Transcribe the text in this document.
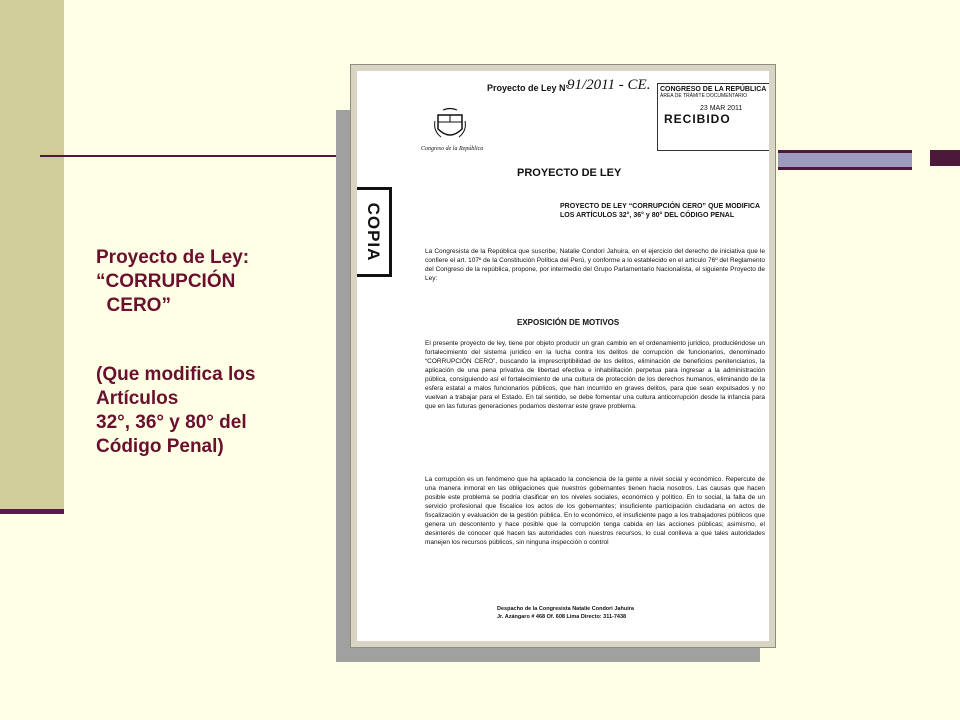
Proyecto de Ley:
“CORRUPCIÓN
CERO”
(Que modifica los
Artículos
32°, 36° y 80° del
Código Penal)
Proyecto de Ley N°
91/2011 - CE. CONGRESO DE LA REPÚBLICA
ÁREA DE TRÁMITE DOCUMENTARIO
23 MAR 2011
RECIBIDO
Congreso de la República
PROYECTO DE LEY
COPIA	PROYECTO DE LEY “CORRUPCIÓN CERO” QUE MODIFICA LOS ARTÍCULOS 32°, 36° y 80° DEL CÓDIGO PENAL
La Congresista de la República que suscribe, Natalie Condori Jahuira, en el ejercicio del derecho de iniciativa que le confiere el art. 107º de la Constitución Política del Perú, y conforme a lo establecido en el artículo 76º del Reglamento del Congreso de la república, propone, por intermedio del Grupo Parlamentario Nacionalista, el siguiente Proyecto de Ley:
EXPOSICIÓN DE MOTIVOS
El presente proyecto de ley, tiene por objeto producir un gran cambio en el ordenamiento jurídico, produciéndose un fortalecimiento del sistema jurídico en la lucha contra los delitos de corrupción de funcionarios, denominado “CORRUPCIÓN CERO”, buscando la imprescriptibilidad de los delitos, eliminación de beneficios penitenciarios, la aplicación de una pena privativa de libertad efectiva e inhabilitación perpetua para ingresar a la administración pública, consiguiendo así el fortalecimiento de una cultura de protección de los derechos humanos, eliminando de la esfera estatal a malos funcionarios públicos, que han incurrido en graves delitos, para que sean expulsados y no vuelvan a trabajar para el Estado. En tal sentido, se debe fomentar una cultura anticorrupción desde la infancia para que en las futuras generaciones podamos desterrar este grave problema.
La corrupción es un fenómeno que ha aplacado la conciencia de la gente a nivel social y económico. Repercute de una manera inmoral en las obligaciones que nuestros gobernantes tienen hacia nosotros. Las causas que hacen posible este problema se podría clasificar en los niveles sociales, económico y político. En lo social, la falta de un servicio profesional que fiscalice los actos de los gobernantes; insuficiente participación ciudadana en actos de fiscalización y evaluación de la gestión pública. En lo económico, el insuficiente pago a los trabajadores públicos que genera un descontento y hace posible que la corrupción tenga cabida en las acciones públicas; asimismo, el desinterés de conocer qué hacen las autoridades con nuestros recursos, lo cual conlleva a que tales autoridades manejen los recursos públicos, sin ninguna inspección o control
Despacho de la Congresista Natalie Condori Jahuira
Jr. Azángaro # 468 Of. 608 Lima Directo: 311-7438
